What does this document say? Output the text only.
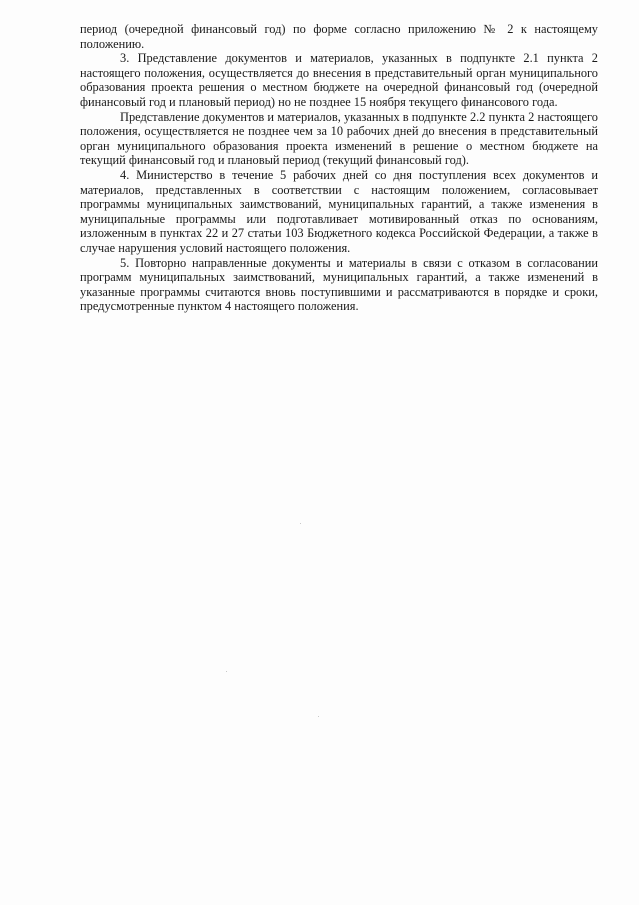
период (очередной финансовый год) по форме согласно приложению № 2 к настоящему положению.

3. Представление документов и материалов, указанных в подпункте 2.1 пункта 2 настоящего положения, осуществляется до внесения в представительный орган муниципального образования проекта решения о местном бюджете на очередной финансовый год (очередной финансовый год и плановый период) но не позднее 15 ноября текущего финансового года.

Представление документов и материалов, указанных в подпункте 2.2 пункта 2 настоящего положения, осуществляется не позднее чем за 10 рабочих дней до внесения в представительный орган муниципального образования проекта изменений в решение о местном бюджете на текущий финансовый год и плановый период (текущий финансовый год).

4. Министерство в течение 5 рабочих дней со дня поступления всех документов и материалов, представленных в соответствии с настоящим положением, согласовывает программы муниципальных заимствований, муниципальных гарантий, а также изменения в муниципальные программы или подготавливает мотивированный отказ по основаниям, изложенным в пунктах 22 и 27 статьи 103 Бюджетного кодекса Российской Федерации, а также в случае нарушения условий настоящего положения.

5. Повторно направленные документы и материалы в связи с отказом в согласовании программ муниципальных заимствований, муниципальных гарантий, а также изменений в указанные программы считаются вновь поступившими и рассматриваются в порядке и сроки, предусмотренные пунктом 4 настоящего положения.
